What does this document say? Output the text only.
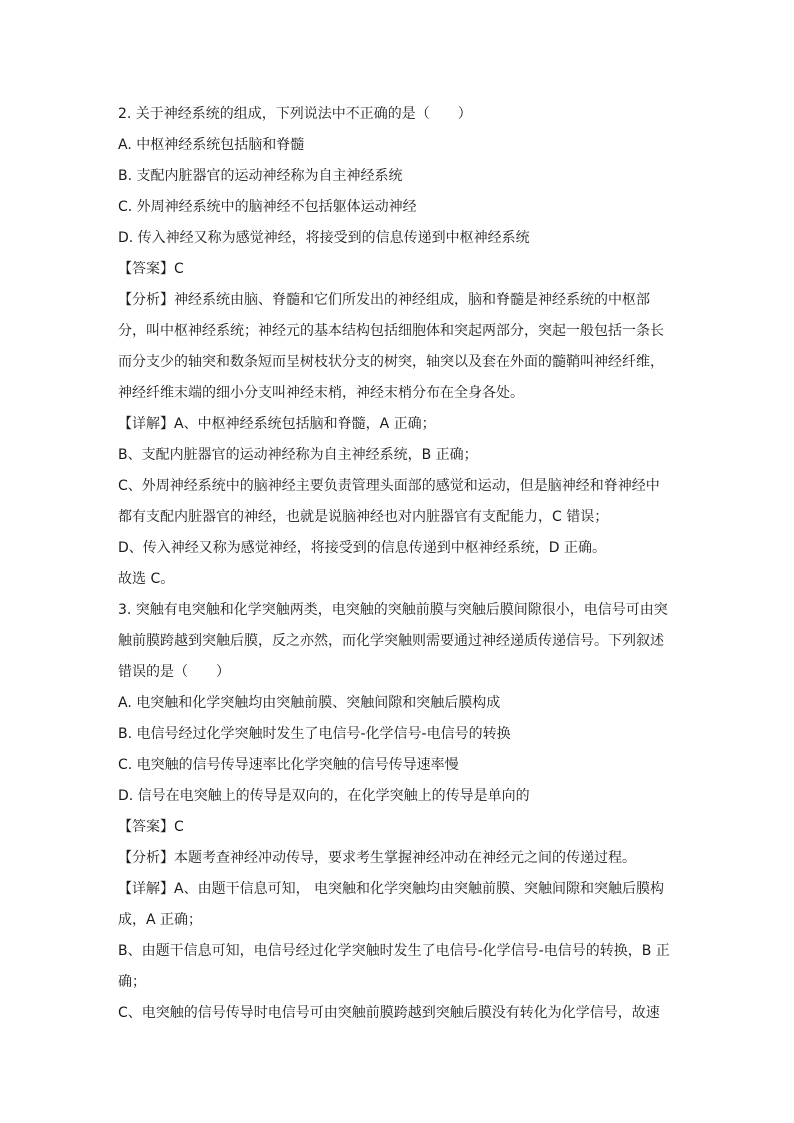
2. 关于神经系统的组成，下列说法中不正确的是（　　）
A. 中枢神经系统包括脑和脊髓
B. 支配内脏器官的运动神经称为自主神经系统
C. 外周神经系统中的脑神经不包括躯体运动神经
D. 传入神经又称为感觉神经，将接受到的信息传递到中枢神经系统
【答案】C
【分析】神经系统由脑、脊髓和它们所发出的神经组成，脑和脊髓是神经系统的中枢部
分，叫中枢神经系统；神经元的基本结构包括细胞体和突起两部分，突起一般包括一条长
而分支少的轴突和数条短而呈树枝状分支的树突，轴突以及套在外面的髓鞘叫神经纤维，
神经纤维末端的细小分支叫神经末梢，神经末梢分布在全身各处。
【详解】A、中枢神经系统包括脑和脊髓，A 正确；
B、支配内脏器官的运动神经称为自主神经系统，B 正确；
C、外周神经系统中的脑神经主要负责管理头面部的感觉和运动，但是脑神经和脊神经中
都有支配内脏器官的神经，也就是说脑神经也对内脏器官有支配能力，C 错误；
D、传入神经又称为感觉神经，将接受到的信息传递到中枢神经系统，D 正确。
故选 C。
3. 突触有电突触和化学突触两类，电突触的突触前膜与突触后膜间隙很小，电信号可由突
触前膜跨越到突触后膜，反之亦然，而化学突触则需要通过神经递质传递信号。下列叙述
错误的是（　　）
A. 电突触和化学突触均由突触前膜、突触间隙和突触后膜构成
B. 电信号经过化学突触时发生了电信号-化学信号-电信号的转换
C. 电突触的信号传导速率比化学突触的信号传导速率慢
D. 信号在电突触上的传导是双向的，在化学突触上的传导是单向的
【答案】C
【分析】本题考查神经冲动传导，要求考生掌握神经冲动在神经元之间的传递过程。
【详解】A、由题干信息可知， 电突触和化学突触均由突触前膜、突触间隙和突触后膜构
成，A 正确；
B、由题干信息可知，电信号经过化学突触时发生了电信号-化学信号-电信号的转换，B 正
确；
C、电突触的信号传导时电信号可由突触前膜跨越到突触后膜没有转化为化学信号，故速
